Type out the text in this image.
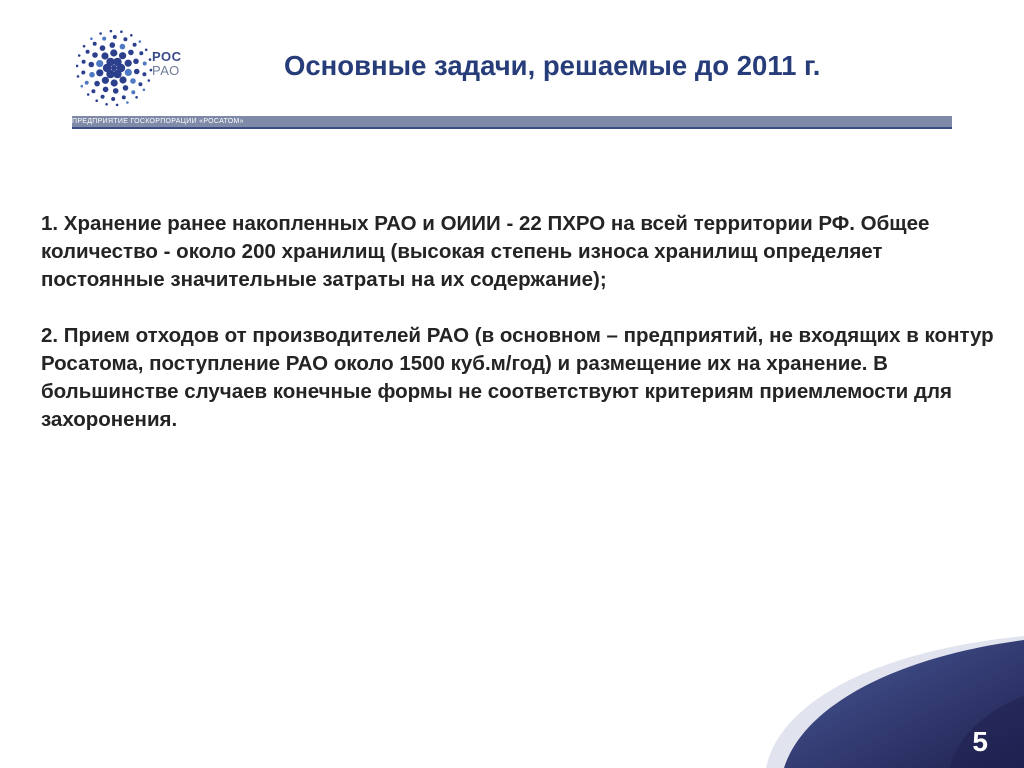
РОС
РАО	Основные задачи, решаемые до 2011 г.
ПРЕДПРИЯТИЕ ГОСКОРПОРАЦИИ «РОСАТОМ»

1. Хранение ранее накопленных РАО и ОИИИ - 22 ПХРО на всей территории РФ. Общее количество - около 200 хранилищ (высокая степень износа хранилищ определяет постоянные значительные затраты на их содержание);

2. Прием отходов от производителей РАО (в основном – предприятий, не входящих в контур Росатома, поступление РАО около 1500 куб.м/год) и размещение их на хранение. В большинстве случаев конечные формы не соответствуют критериям приемлемости для захоронения.

5
